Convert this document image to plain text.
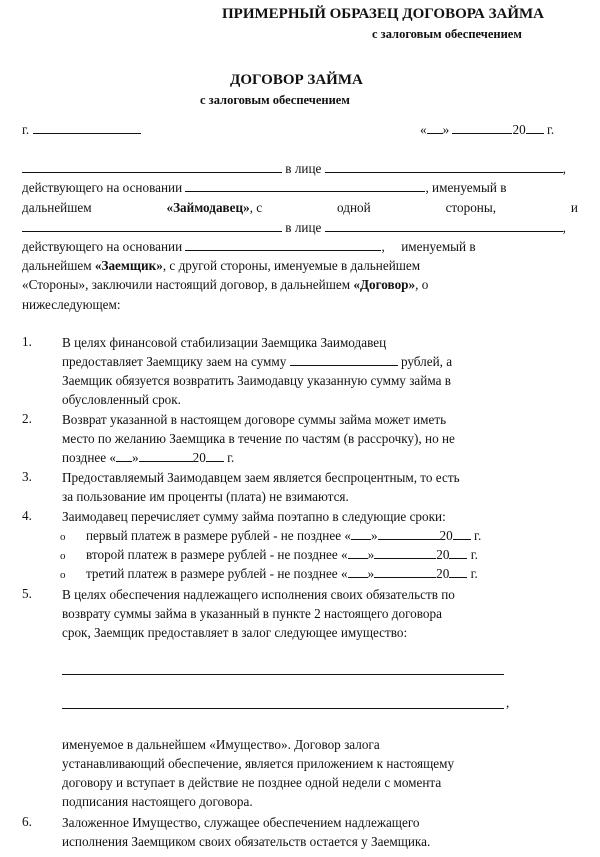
ПРИМЕРНЫЙ ОБРАЗЕЦ ДОГОВОРА ЗАЙМА
с залоговым обеспечением
ДОГОВОР ЗАЙМА
с залоговым обеспечением
г.	« »	20 г.
в лице	,
действующего на основании	, именуемый в
дальнейшем	«Займодавец», с	одной	стороны,	и
в лице	,
действующего на основании	,     именуемый в
дальнейшем «Заемщик», с другой стороны, именуемые в дальнейшем
«Стороны», заключили настоящий договор, в дальнейшем «Договор», о
нижеследующем:
1. В целях финансовой стабилизации Заемщика Заимодавец
предоставляет Заемщику заем на сумму	рублей, а
Заемщик обязуется возвратить Заимодавцу указанную сумму займа в
обусловленный срок.
2. Возврат указанной в настоящем договоре суммы займа может иметь
место по желанию Заемщика в течение по частям (в рассрочку), но не
позднее « »	20 г.
3. Предоставляемый Заимодавцем заем является беспроцентным, то есть
за пользование им проценты (плата) не взимаются.
4. Заимодавец перечисляет сумму займа поэтапно в следующие сроки:
o первый платеж в размере рублей - не позднее « »	20 г.
o второй платеж в размере рублей - не позднее « »	20 г.
o третий платеж в размере рублей - не позднее « »	20 г.
5. В целях обеспечения надлежащего исполнения своих обязательств по
возврату суммы займа в указанный в пункте 2 настоящего договора
срок, Заемщик предоставляет в залог следующее имущество:
,
именуемое в дальнейшем «Имущество». Договор залога
устанавливающий обеспечение, является приложением к настоящему
договору и вступает в действие не позднее одной недели с момента
подписания настоящего договора.
6. Заложенное Имущество, служащее обеспечением надлежащего
исполнения Заемщиком своих обязательств остается у Заемщика.
